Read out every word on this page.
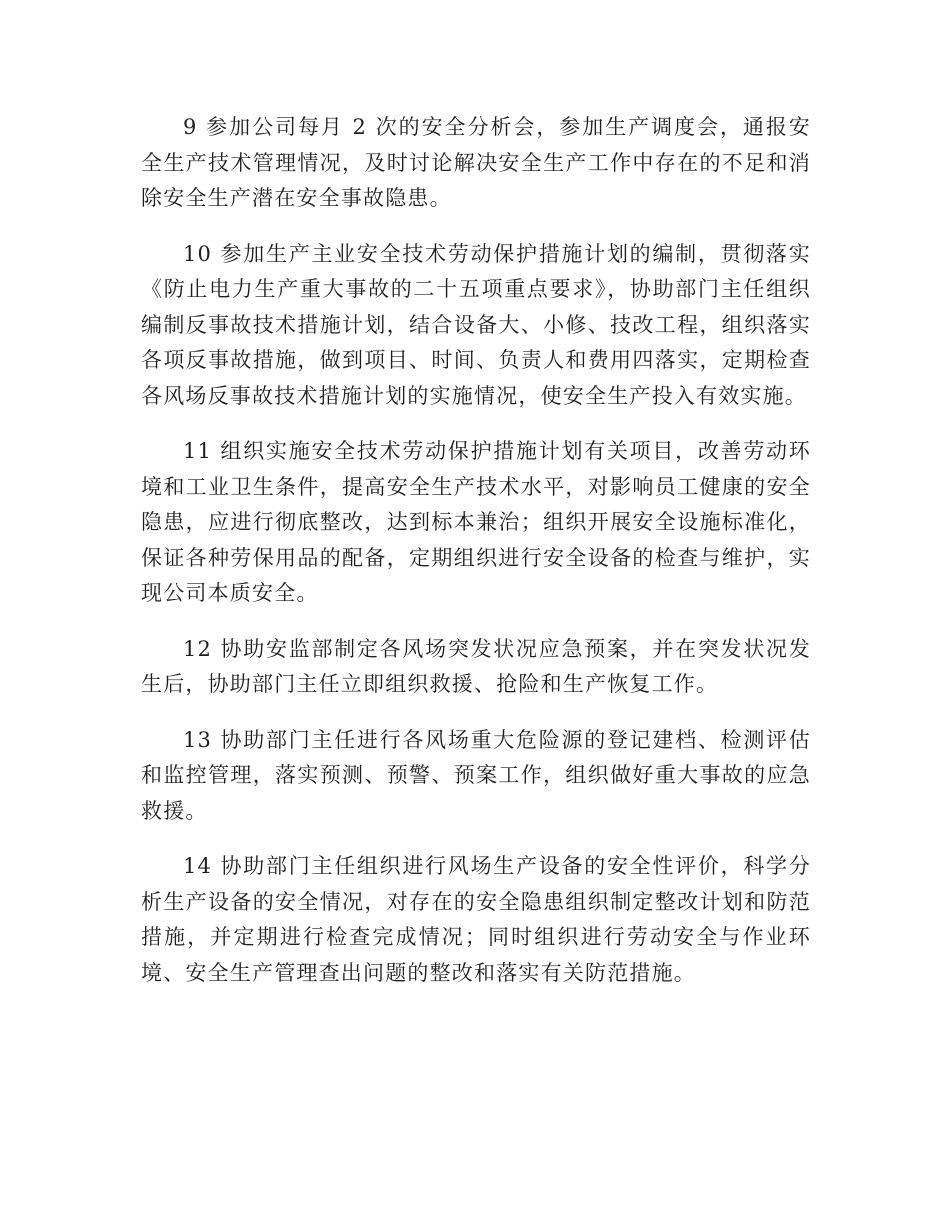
9 参加公司每月 2 次的安全分析会，参加生产调度会，通报安全生产技术管理情况，及时讨论解决安全生产工作中存在的不足和消除安全生产潜在安全事故隐患。

10 参加生产主业安全技术劳动保护措施计划的编制，贯彻落实《防止电力生产重大事故的二十五项重点要求》，协助部门主任组织编制反事故技术措施计划，结合设备大、小修、技改工程，组织落实各项反事故措施，做到项目、时间、负责人和费用四落实，定期检查各风场反事故技术措施计划的实施情况，使安全生产投入有效实施。

11 组织实施安全技术劳动保护措施计划有关项目，改善劳动环境和工业卫生条件，提高安全生产技术水平，对影响员工健康的安全隐患，应进行彻底整改，达到标本兼治；组织开展安全设施标准化，保证各种劳保用品的配备，定期组织进行安全设备的检查与维护，实现公司本质安全。

12 协助安监部制定各风场突发状况应急预案，并在突发状况发生后，协助部门主任立即组织救援、抢险和生产恢复工作。

13 协助部门主任进行各风场重大危险源的登记建档、检测评估和监控管理，落实预测、预警、预案工作，组织做好重大事故的应急救援。

14 协助部门主任组织进行风场生产设备的安全性评价，科学分析生产设备的安全情况，对存在的安全隐患组织制定整改计划和防范措施，并定期进行检查完成情况；同时组织进行劳动安全与作业环境、安全生产管理查出问题的整改和落实有关防范措施。
